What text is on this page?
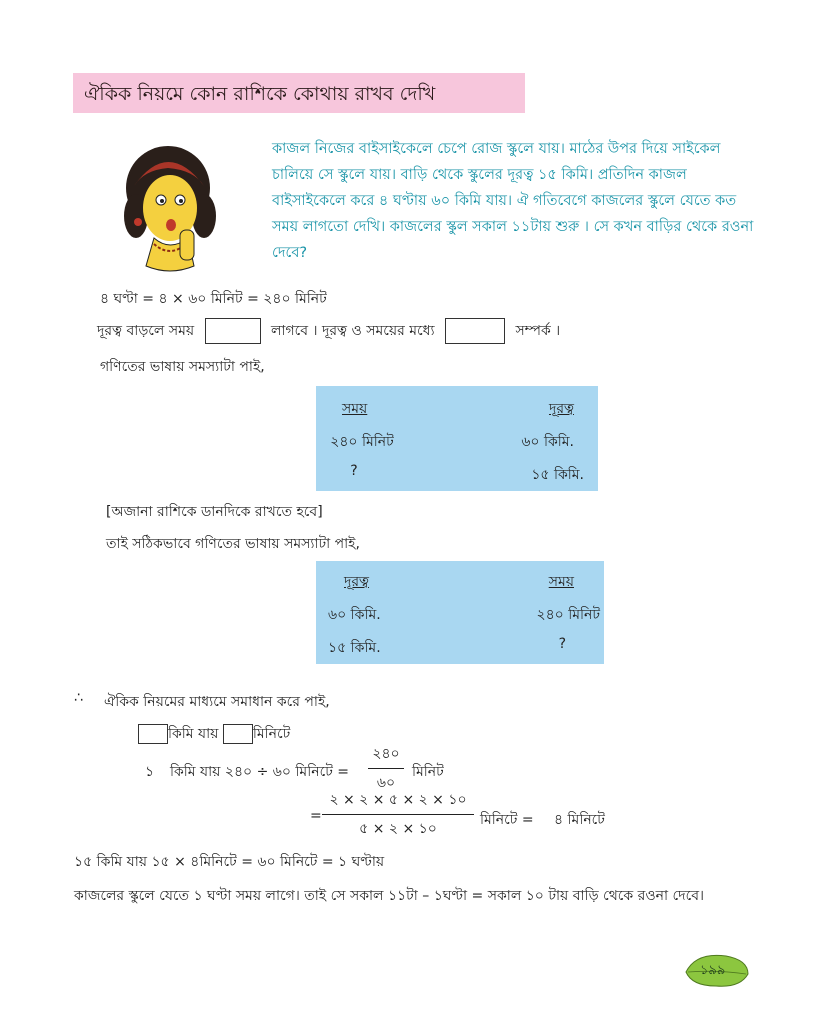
ঐকিক নিয়মে কোন রাশিকে কোথায় রাখব দেখি
কাজল নিজের বাইসাইকেলে চেপে রোজ স্কুলে যায়। মাঠের উপর দিয়ে সাইকেল চালিয়ে সে স্কুলে যায়। বাড়ি থেকে স্কুলের দূরত্ব ১৫ কিমি। প্রতিদিন কাজল বাইসাইকেলে করে ৪ ঘণ্টায় ৬০ কিমি যায়। ঐ গতিবেগে কাজলের স্কুলে যেতে কত সময় লাগতো দেখি। কাজলের স্কুল সকাল ১১টায় শুরু । সে কখন বাড়ির থেকে রওনা দেবে?
৪ ঘণ্টা = ৪ × ৬০ মিনিট = ২৪০ মিনিট
দূরত্ব বাড়লে সময়	লাগবে । দূরত্ব ও সময়ের মধ্যে	সম্পর্ক ।
গণিতের ভাষায় সমস্যাটা পাই,
সময়	দূরত্ব
২৪০ মিনিট	৬০ কিমি.
?	১৫ কিমি.
[অজানা রাশিকে ডানদিকে রাখতে হবে]
তাই সঠিকভাবে গণিতের ভাষায় সমস্যাটা পাই,
দূরত্ব	সময়
৬০ কিমি.	২৪০ মিনিট
১৫ কিমি.	?
∴ ঐকিক নিয়মের মাধ্যমে সমাধান করে পাই,
কিমি যায় মিনিটে
১ কিমি যায় ২৪০ ÷ ৬০ মিনিটে =
২৪০
৬০
মিনিট
=
২ × ২ × ৫ × ২ × ১০
৫ × ২ × ১০
মিনিটে = ৪ মিনিটে
১৫ কিমি যায় ১৫ × ৪মিনিটে = ৬০ মিনিটে = ১ ঘণ্টায়
কাজলের স্কুলে যেতে ১ ঘণ্টা সময় লাগে। তাই সে সকাল ১১টা – ১ঘণ্টা = সকাল ১০ টায় বাড়ি থেকে রওনা দেবে।
১৯৯
